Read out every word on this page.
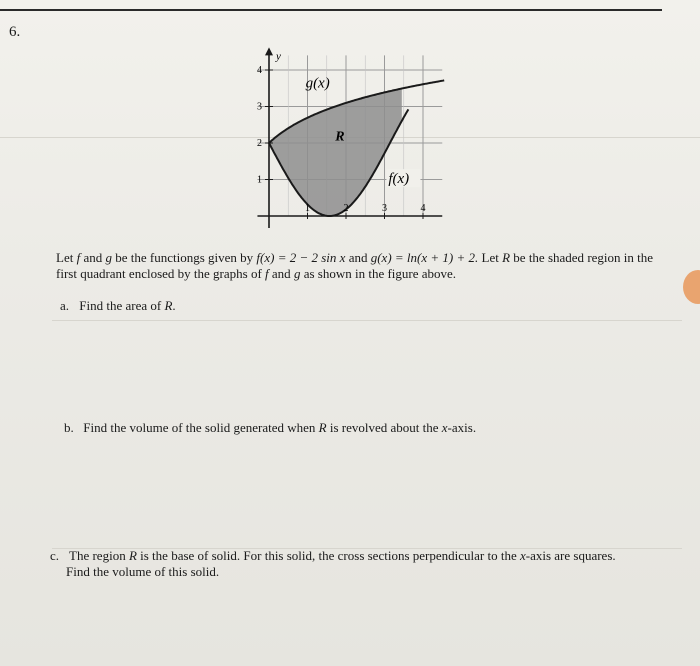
1	2	3	4
1
2
3
4
y
g(x)
R
f(x)
6.
Let f and g be the functiongs given by f(x) = 2 − 2 sin x and g(x) = ln(x + 1) + 2. Let R be the shaded region in the first quadrant enclosed by the graphs of f and g as shown in the figure above.
a. Find the area of R.
b. Find the volume of the solid generated when R is revolved about the x-axis.
c. The region R is the base of solid. For this solid, the cross sections perpendicular to the x-axis are squares.
Find the volume of this solid.
